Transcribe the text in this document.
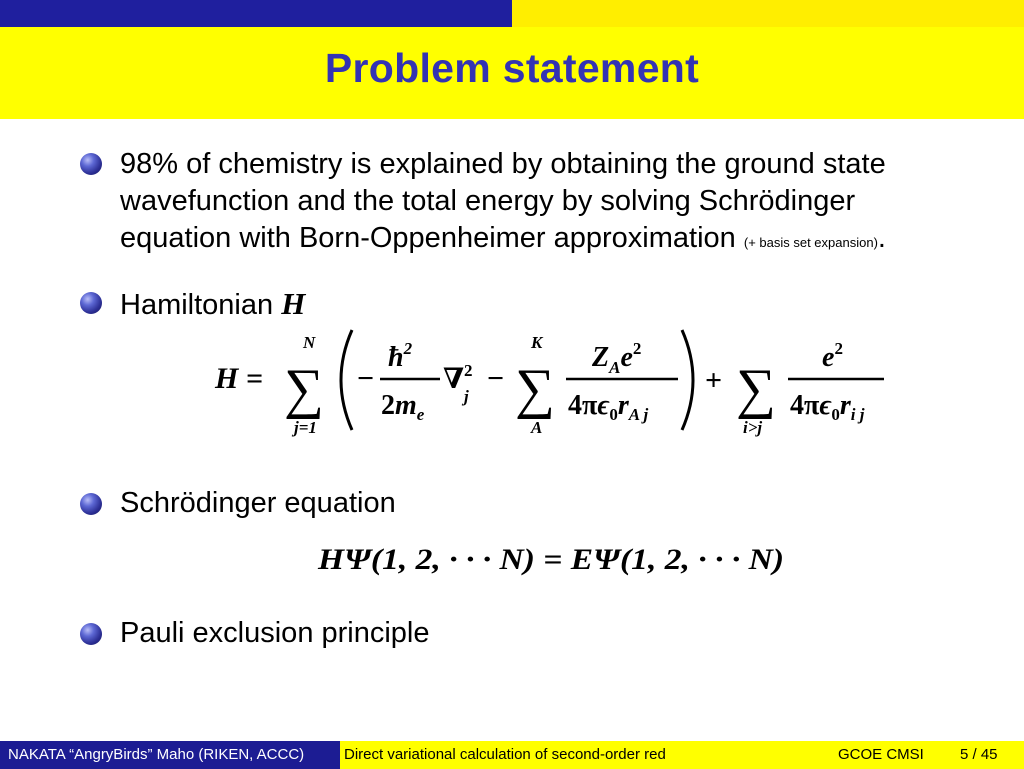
Problem statement
98% of chemistry is explained by obtaining the ground state
wavefunction and the total energy by solving Schrödinger
equation with Born-Oppenheimer approximation (+ basis set expansion).
Hamiltonian H
H =
N
∑
j=1
−
$ħ^2$
$2m_e$
∇ 2
j
−
K
∑
A
$Z_Ae^2$
$4\pi\epsilon_0r_{A j}$
+ ∑
i>j
$e^2$
$4\pi\epsilon_0r_{i j}$
Schrödinger equation
HΨ(1, 2, · · · N) = EΨ(1, 2, · · · N)
Pauli exclusion principle
NAKATA “AngryBirds” Maho (RIKEN, ACCC)	Direct variational calculation of second-order red	GCOE CMSI 5 / 45
